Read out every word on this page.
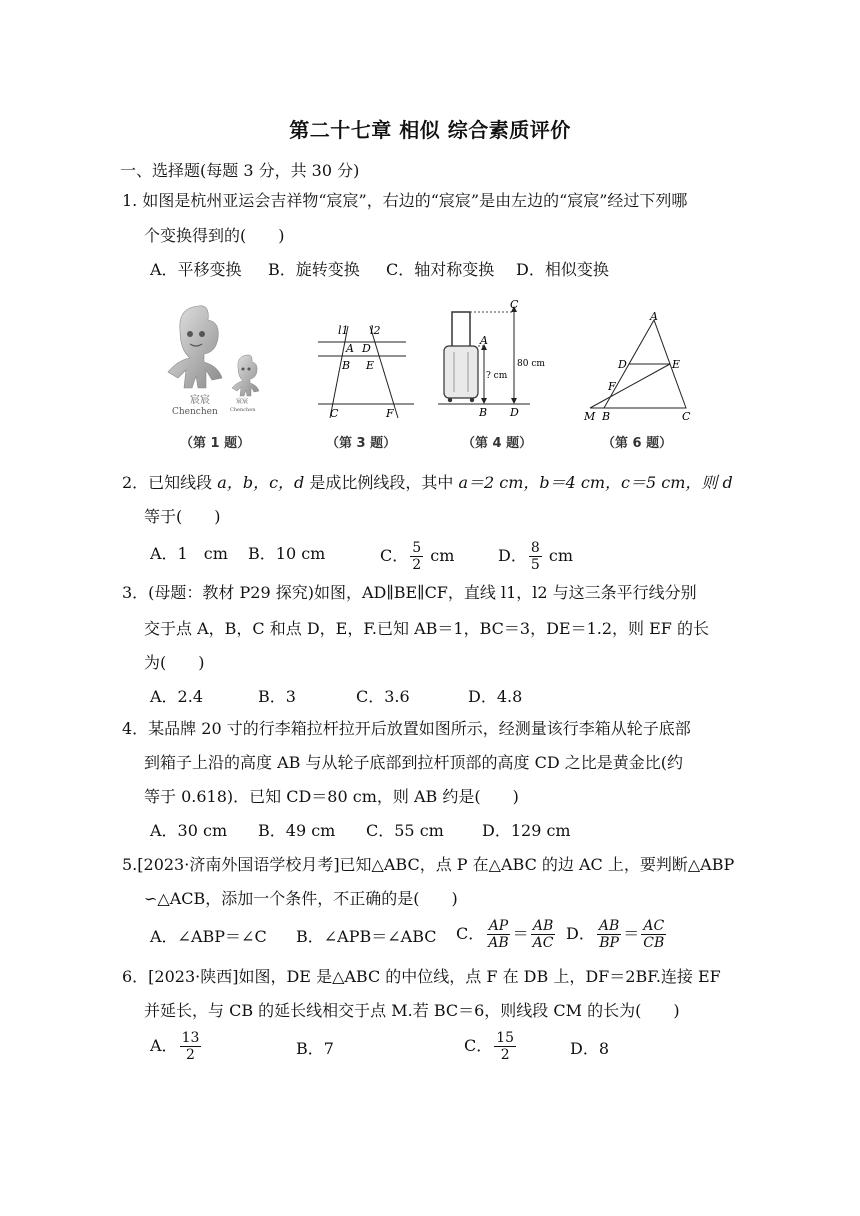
第二十七章 相似 综合素质评价
一、选择题(每题 3 分，共 30 分)
1. 如图是杭州亚运会吉祥物“宸宸”，右边的“宸宸”是由左边的“宸宸”经过下列哪
个变换得到的(　　)
A．平移变换 B．旋转变换 C．轴对称变换 D．相似变换
宸宸
Chenchen
宸宸
Chenchen
l1 l2
A D
B E
C	F
C
A
? cm
80 cm
B D
A
D	E
F
M B	C
（第 1 题）	（第 3 题）	（第 4 题）	（第 6 题）
2．已知线段 a，b，c，d 是成比例线段，其中 a＝2 cm，b＝4 cm，c＝5 cm，则 d
等于(　　)
A．1　cm B．10 cm	C． $\frac{5}{2}$ cm	D． $\frac{8}{5}$ cm
3．(母题：教材 P29 探究)如图，AD∥BE∥CF，直线 l1，l2 与这三条平行线分别
交于点 A，B，C 和点 D，E，F.已知 AB＝1，BC＝3，DE＝1.2，则 EF 的长
为(　　)
A．2.4	B．3	C．3.6	D．4.8
4．某品牌 20 寸的行李箱拉杆拉开后放置如图所示，经测量该行李箱从轮子底部
到箱子上沿的高度 AB 与从轮子底部到拉杆顶部的高度 CD 之比是黄金比(约
等于 0.618)．已知 CD＝80 cm，则 AB 约是(　　)
A．30 cm B．49 cm C．55 cm D．129 cm
5.[2023·济南外国语学校月考]已知△ABC，点 P 在△ABC 的边 AC 上，要判断△ABP
∽△ACB，添加一个条件，不正确的是(　　)
A．∠ABP＝∠C B．∠APB＝∠ABC C． $\frac{AP}{AB} = \frac{AB}{AC}$ D． $\frac{AB}{BP} = \frac{AC}{CB}$
6．[2023·陕西]如图，DE 是△ABC 的中位线，点 F 在 DB 上，DF＝2BF.连接 EF
并延长，与 CB 的延长线相交于点 M.若 BC＝6，则线段 CM 的长为(　　)
A． $\frac{13}{2}$	B．7	C． $\frac{15}{2}$	D．8
